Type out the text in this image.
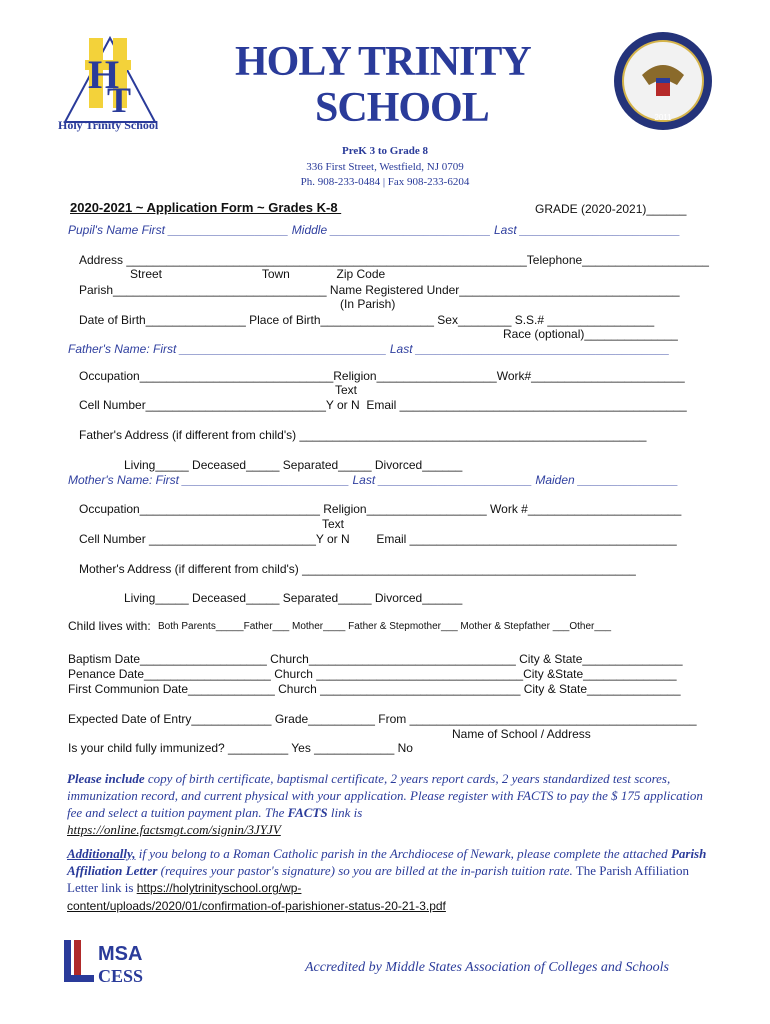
H
T
Holy Trinity School
HOLY TRINITY
SCHOOL	2011
PreK 3 to Grade 8
336 First Street, Westfield, NJ 0709
Ph. 908-233-0484 | Fax 908-233-6204
2020-2021 ~ Application Form ~ Grades K-8	GRADE (2020-2021)______
Pupil's Name First __________________ Middle ________________________ Last ________________________
Address ____________________________________________________________Telephone___________________
Street                              Town              Zip Code
Parish________________________________ Name Registered Under_________________________________
(In Parish)
Date of Birth_______________ Place of Birth_________________ Sex________ S.S.# ________________
Race (optional)______________
Father's Name: First _______________________________ Last ______________________________________
Occupation_____________________________Religion__________________Work#_______________________
Text
Cell Number___________________________Y or N  Email ___________________________________________
Father's Address (if different from child's) ____________________________________________________
Living_____ Deceased_____ Separated_____ Divorced______
Mother's Name: First _________________________ Last _______________________ Maiden _______________
Occupation___________________________ Religion__________________ Work #_______________________
Text
Cell Number _________________________Y or N        Email ________________________________________
Mother's Address (if different from child's) __________________________________________________
Living_____ Deceased_____ Separated_____ Divorced______
Child lives with: Both Parents_____Father___ Mother____ Father & Stepmother___ Mother & Stepfather ___Other___
Baptism Date___________________ Church_______________________________ City & State_______________
Penance Date___________________ Church _______________________________City &State______________
First Communion Date_____________ Church ______________________________ City & State______________
Expected Date of Entry____________ Grade__________ From ___________________________________________
Name of School / Address
Is your child fully immunized? _________ Yes ____________ No
Please include copy of birth certificate, baptismal certificate, 2 years report cards, 2 years standardized test scores, immunization record, and current physical with your application. Please register with FACTS to pay the $ 175 application fee and select a tuition payment plan. The FACTS link is
https://online.factsmgt.com/signin/3JYJV
Additionally, if you belong to a Roman Catholic parish in the Archdiocese of Newark, please complete the attached Parish Affiliation Letter (requires your pastor's signature) so you are billed at the in-parish tuition rate. The Parish Affiliation Letter link is https://holytrinityschool.org/wp-
content/uploads/2020/01/confirmation-of-parishioner-status-20-21-3.pdf
MSA
CESS	Accredited by Middle States Association of Colleges and Schools
